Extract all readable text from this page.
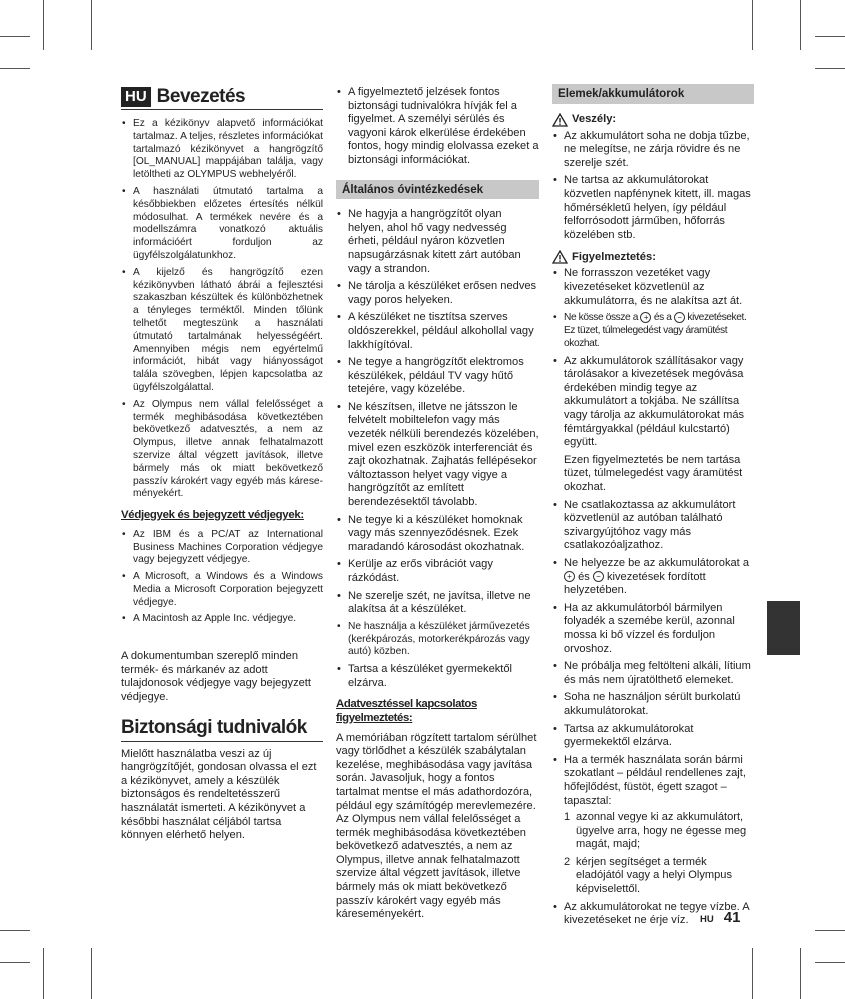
HU Bevezetés
• Ez a kézikönyv alapvető információkat tartalmaz. A teljes, részletes információkat tartalmazó kézikönyvet a hangrögzítő [OL_MANUAL] mappájában találja, vagy letöltheti az OLYMPUS webhelyéről.
• A használati útmutató tartalma a későbbiekben előzetes értesítés nélkül módosulhat. A termékek nevére és a modellszámra vonatkozó aktuális információért forduljon az ügyfélszolgálatunkhoz.
• A kijelző és hangrögzítő ezen kézikönyvben látható ábrái a fejlesztési szakaszban készültek és különbözhetnek a tényleges terméktől. Minden tőlünk telhetőt megteszünk a használati útmutató tartalmának helyességéért. Amennyiben mégis nem egyértelmű információt, hibát vagy hiányosságot talála szövegben, lépjen kapcsolatba az ügyfélszolgálattal.
• Az Olympus nem vállal felelősséget a termék meghibásodása következtében bekövetkező adatvesztés, a nem az Olympus, illetve annak felhatalmazott szervize által végzett javítások, illetve bármely más ok miatt bekövetkező passzív károkért vagy egyéb más káreseményekért.
Védjegyek és bejegyzett védjegyek:
• Az IBM és a PC/AT az International Business Machines Corporation védjegye vagy bejegyzett védjegye.
• A Microsoft, a Windows és a Windows Media a Microsoft Corporation bejegyzett védjegye.
• A Macintosh az Apple Inc. védjegye.

A dokumentumban szereplő minden termék- és márkanév az adott tulajdonosok védjegye vagy bejegyzett védjegye.

Biztonsági tudnivalók

Mielőtt használatba veszi az új hangrögzítőjét, gondosan olvassa el ezt a kézikönyvet, amely a készülék biztonságos és rendeltetésszerű használatát ismerteti. A kézikönyvet a későbbi használat céljából tartsa könnyen elérhető helyen.

• A figyelmeztető jelzések fontos biztonsági tudnivalókra hívják fel a figyelmet. A személyi sérülés és vagyoni károk elkerülése érdekében fontos, hogy mindig elolvassa ezeket a biztonsági információkat.
Általános óvintézkedések
• Ne hagyja a hangrögzítőt olyan helyen, ahol hő vagy nedvesség érheti, például nyáron közvetlen napsugárzásnak kitett zárt autóban vagy a strandon.
• Ne tárolja a készüléket erősen nedves vagy poros helyeken.
• A készüléket ne tisztítsa szerves oldószerekkel, például alkohollal vagy lakkhígítóval.
• Ne tegye a hangrögzítőt elektromos készülékek, például TV vagy hűtő tetejére, vagy közelébe.
• Ne készítsen, illetve ne játsszon le felvételt mobiltelefon vagy más vezeték nélküli berendezés közelében, mivel ezen eszközök interferenciát és zajt okozhatnak. Zajhatás fellépésekor változtasson helyet vagy vigye a hangrögzítőt az említett berendezésektől távolabb.
• Ne tegye ki a készüléket homoknak vagy más szennyeződésnek. Ezek maradandó károsodást okozhatnak.
• Kerülje az erős vibrációt vagy rázkódást.
• Ne szerelje szét, ne javítsa, illetve ne alakítsa át a készüléket.
• Ne használja a készüléket járművezetés (kerékpározás, motorkerékpározás vagy autó) közben.
• Tartsa a készüléket gyermekektől elzárva.
Adatvesztéssel kapcsolatos figyelmeztetés:

A memóriában rögzített tartalom sérülhet vagy törlődhet a készülék szabálytalan kezelése, meghibásodása vagy javítása során. Javasoljuk, hogy a fontos tartalmat mentse el más adathordozóra, például egy számítógép merevlemezére.

Az Olympus nem vállal felelősséget a termék meghibásodása következtében bekövetkező adatvesztés, a nem az Olympus, illetve annak felhatalmazott szervize által végzett javítások, illetve bármely más ok miatt bekövetkező passzív károkért vagy egyéb más káreseményekért.

Elemek/akkumulátorok
Veszély:
• Az akkumulátort soha ne dobja tűzbe, ne melegítse, ne zárja rövidre és ne szerelje szét.
• Ne tartsa az akkumulátorokat közvetlen napfénynek kitett, ill. magas hőmérsékletű helyen, így például felforrósodott járműben, hőforrás közelében stb.
Figyelmeztetés:
• Ne forrasszon vezetéket vagy kivezetéseket közvetlenül az akkumulátorra, és ne alakítsa azt át.
• Ne kösse össze a + és a − kivezetéseket. Ez tüzet, túlmelegedést vagy áramütést okozhat.
• Az akkumulátorok szállításakor vagy tárolásakor a kivezetések megóvása érdekében mindig tegye az akkumulátort a tokjába. Ne szállítsa vagy tárolja az akkumulátorokat más fémtárgyakkal (például kulcstartó) együtt.

Ezen figyelmeztetés be nem tartása tüzet, túlmelegedést vagy áramütést okozhat.
• Ne csatlakoztassa az akkumulátort közvetlenül az autóban található szivargyújtóhoz vagy más csatlakozóaljzathoz.
• Ne helyezze be az akkumulátorokat a + és − kivezetések fordított helyzetében.
• Ha az akkumulátorból bármilyen folyadék a szemébe kerül, azonnal mossa ki bő vízzel és forduljon orvoshoz.
• Ne próbálja meg feltölteni alkáli, lítium és más nem újratölthető elemeket.
• Soha ne használjon sérült burkolatú akkumulátorokat.
• Tartsa az akkumulátorokat gyermekektől elzárva.
• Ha a termék használata során bármi szokatlant – például rendellenes zajt, hőfejlődést, füstöt, égett szagot – tapasztal:
1 azonnal vegye ki az akkumulátort, ügyelve arra, hogy ne égesse meg magát, majd;
2 kérjen segítséget a termék eladójától vagy a helyi Olympus képviselettől.
• Az akkumulátorokat ne tegye vízbe. A kivezetéseket ne érje víz.	HU 41
